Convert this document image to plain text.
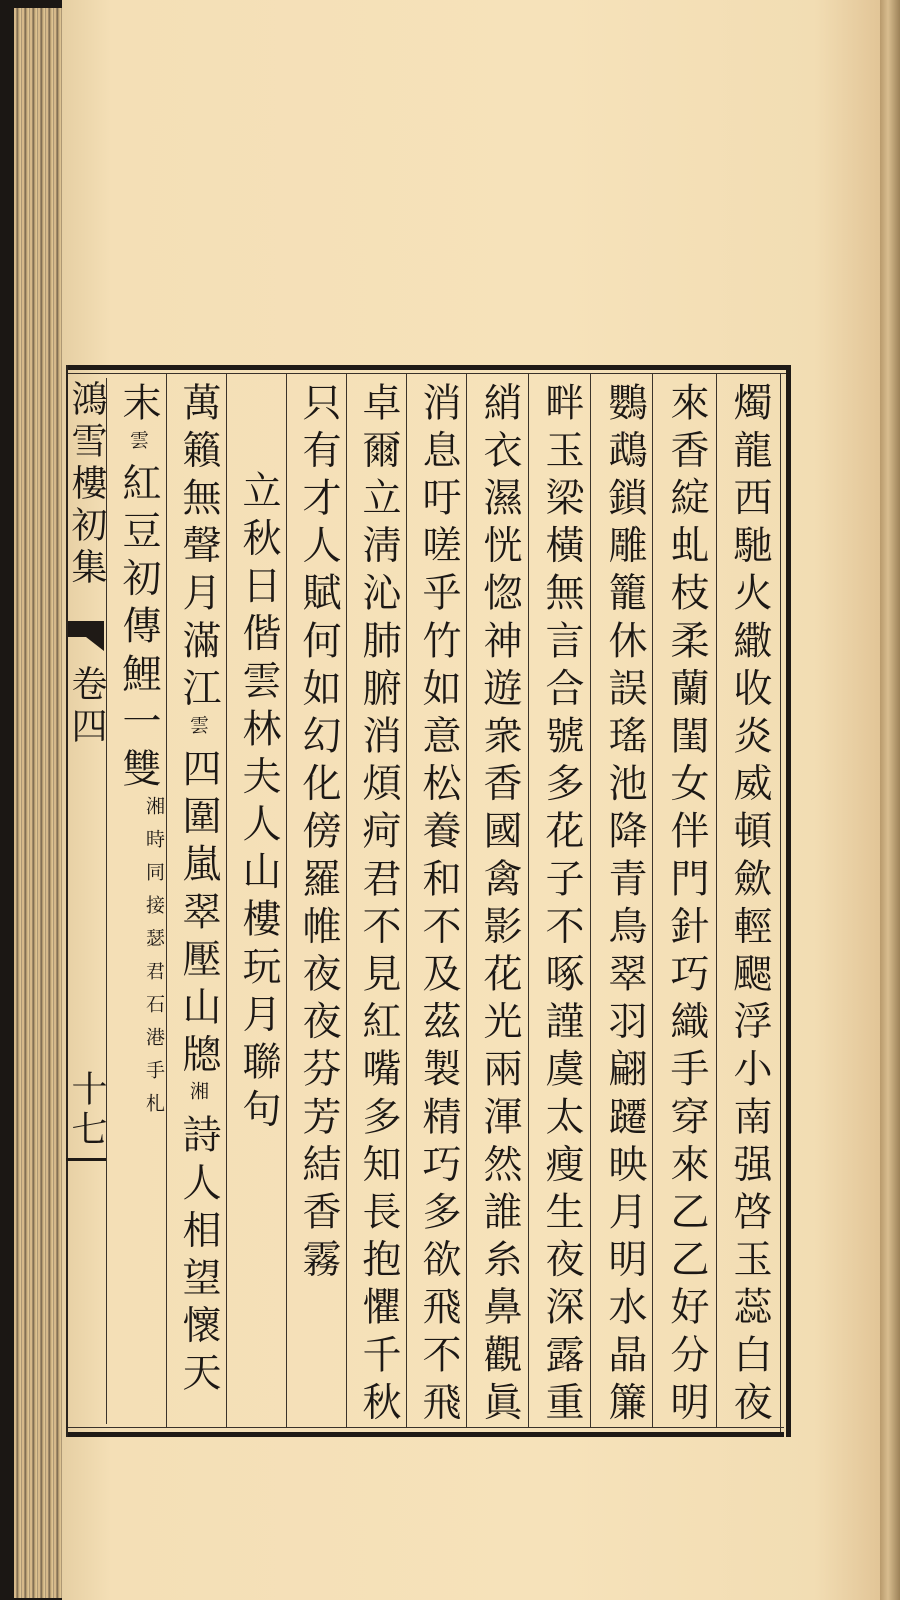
鴻雪樓初集
卷四
十七	燭龍西馳火繖收炎威頓歛輕颸浮小南强啓玉蕊白夜
來香綻虬枝柔蘭閨女伴門針巧織手穿來乙乙好分明
鸚鵡鎖雕籠休誤瑤池降青鳥翠羽翩躚映月明水晶簾
畔玉梁橫無言合號多花子不啄𧫴虞太瘦生夜深露重
綃衣濕恍惚神遊衆香國禽影花光兩渾然誰糸鼻觀眞
消息吁嗟乎竹如意松養和不及茲製精巧多欲飛不飛
卓爾立淸沁肺腑消煩疴君不見紅嘴多知長抱懼千秋
只有才人賦何如幻化傍羅帷夜夜芬芳結香霧
立秋日偕雲林夫人山樓玩月聯句
萬籟無聲月滿江雲四圍嵐翠壓山牕湘詩人相望懷天
末雲紅豆初傳鯉一雙湘時同接瑟君石港手札
